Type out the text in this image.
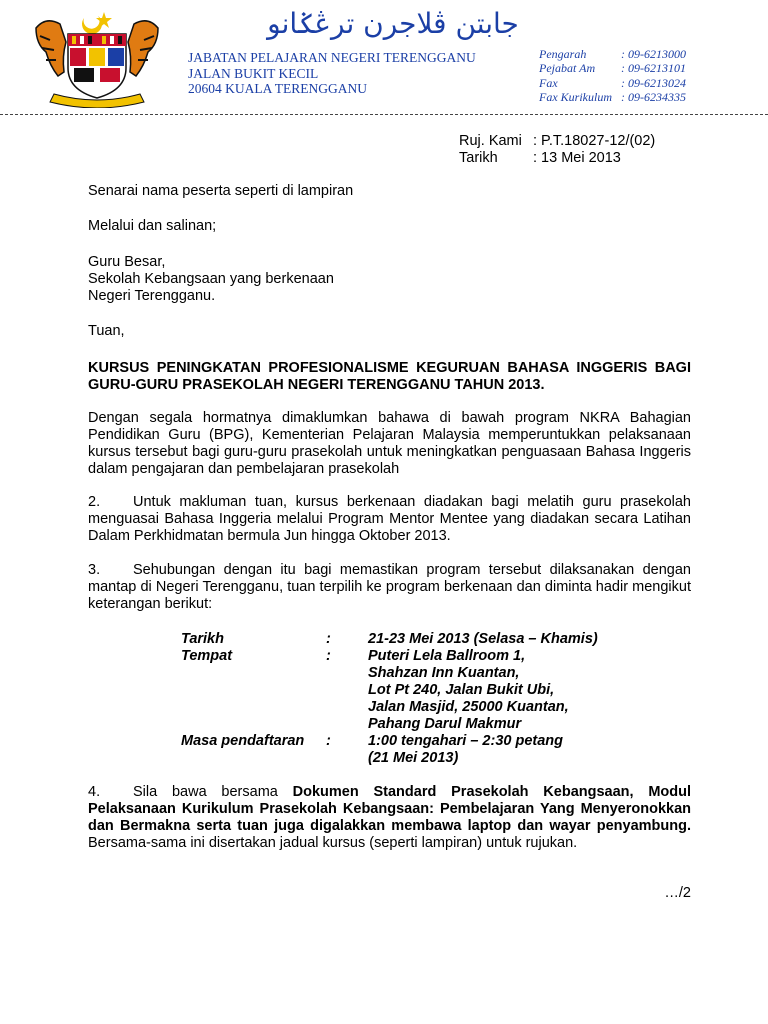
جابتن ڤلاجرن ترڠݢانو
JABATAN PELAJARAN NEGERI TERENGGANU
JALAN BUKIT KECIL
20604 KUALA TERENGGANU
Pengarah	: 09-6213000
Pejabat Am : 09-6213101
Fax	: 09-6213024
Fax Kurikulum : 09-6234335
Ruj. Kami : P.T.18027-12/(02)
Tarikh : 13 Mei 2013
Senarai nama peserta seperti di lampiran
Melalui dan salinan;
Guru Besar,
Sekolah Kebangsaan yang berkenaan
Negeri Terengganu.
Tuan,
KURSUS PENINGKATAN PROFESIONALISME KEGURUAN BAHASA INGGERIS BAGI GURU-GURU PRASEKOLAH NEGERI TERENGGANU TAHUN 2013.
Dengan segala hormatnya dimaklumkan bahawa di bawah program NKRA Bahagian Pendidikan Guru (BPG), Kementerian Pelajaran Malaysia memperuntukkan pelaksanaan kursus tersebut bagi guru-guru prasekolah untuk meningkatkan penguasaan Bahasa Inggeris dalam pengajaran dan pembelajaran prasekolah
2. Untuk makluman tuan, kursus berkenaan diadakan bagi melatih guru prasekolah menguasai Bahasa Inggeria melalui Program Mentor Mentee yang diadakan secara Latihan Dalam Perkhidmatan bermula Jun hingga Oktober 2013.
3. Sehubungan dengan itu bagi memastikan program tersebut dilaksanakan dengan mantap di Negeri Terengganu, tuan terpilih ke program berkenaan dan diminta hadir mengikut keterangan berikut:
Tarikh	:	21-23 Mei 2013 (Selasa – Khamis)
Tempat	:	Puteri Lela Ballroom 1,
Shahzan Inn Kuantan,
Lot Pt 240, Jalan Bukit Ubi,
Jalan Masjid, 25000 Kuantan,
Pahang Darul Makmur
Masa pendaftaran	:	1:00 tengahari – 2:30 petang
(21 Mei 2013)
4. Sila bawa bersama Dokumen Standard Prasekolah Kebangsaan, Modul Pelaksanaan Kurikulum Prasekolah Kebangsaan: Pembelajaran Yang Menyeronokkan dan Bermakna serta tuan juga digalakkan membawa laptop dan wayar penyambung. Bersama-sama ini disertakan jadual kursus (seperti lampiran) untuk rujukan.
…/2
